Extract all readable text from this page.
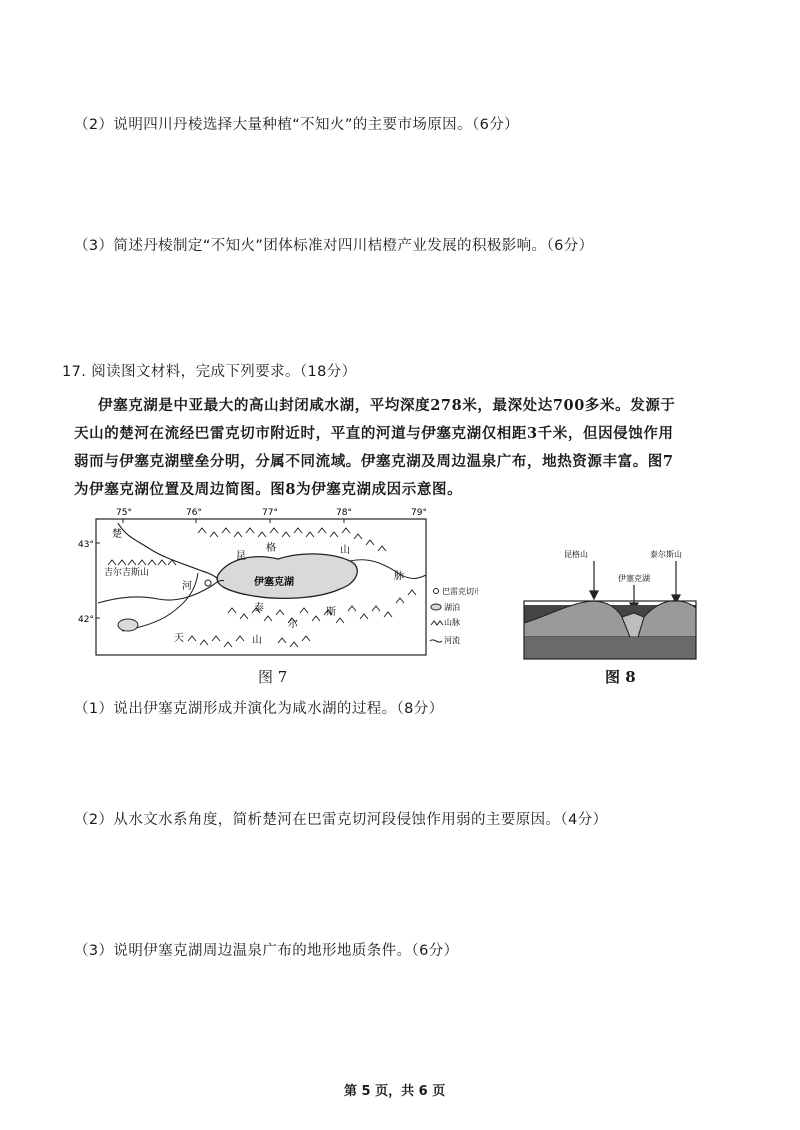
（2）说明四川丹棱选择大量种植“不知火”的主要市场原因。（6分）
（3）简述丹棱制定“不知火”团体标准对四川桔橙产业发展的积极影响。（6分）
17. 阅读图文材料，完成下列要求。（18分）

伊塞克湖是中亚最大的高山封闭咸水湖，平均深度278米，最深处达700多米。发源于

天山的楚河在流经巴雷克切市附近时，平直的河道与伊塞克湖仅相距3千米，但因侵蚀作用

弱而与伊塞克湖壁垒分明，分属不同流域。伊塞克湖及周边温泉广布，地热资源丰富。图7

为伊塞克湖位置及周边简图。图8为伊塞克湖成因示意图。

75°	76°	77°	78°	79°
43°
42°
伊塞克湖
楚
河
昆
格	山
脉
泰
尔
斯
天	山
吉尔吉斯山
巴雷克切市
湖泊
山脉
河流
图 7
昆格山	泰尔斯山
伊塞克湖
图 8
（1）说出伊塞克湖形成并演化为咸水湖的过程。（8分）
（2）从水文水系角度，简析楚河在巴雷克切河段侵蚀作用弱的主要原因。（4分）
（3）说明伊塞克湖周边温泉广布的地形地质条件。（6分）
第 5 页，共 6 页
